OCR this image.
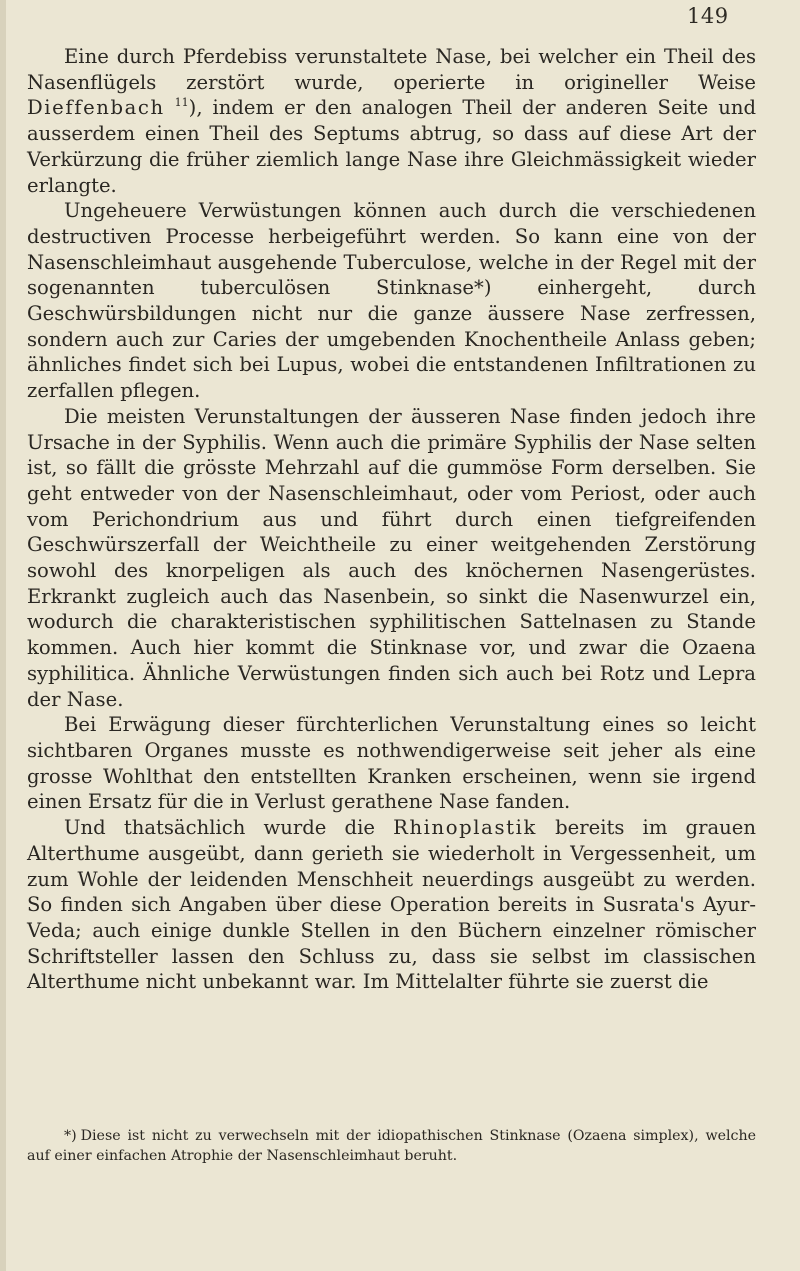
149

Eine durch Pferdebiss verunstaltete Nase, bei welcher ein Theil des Nasenflügels zerstört wurde, operierte in origineller Weise Dieffenbach $^{11}$), indem er den analogen Theil der anderen Seite und ausserdem einen Theil des Septums abtrug, so dass auf diese Art der Verkürzung die früher ziemlich lange Nase ihre Gleichmässigkeit wieder erlangte.

Ungeheuere Verwüstungen können auch durch die verschiedenen destructiven Processe herbeigeführt werden. So kann eine von der Nasenschleimhaut ausgehende Tuberculose, welche in der Regel mit der sogenannten tuberculösen Stinknase*) einhergeht, durch Geschwürsbildungen nicht nur die ganze äussere Nase zerfressen, sondern auch zur Caries der umgebenden Knochentheile Anlass geben; ähnliches findet sich bei Lupus, wobei die entstandenen Infiltrationen zu zerfallen pflegen.

Die meisten Verunstaltungen der äusseren Nase finden jedoch ihre Ursache in der Syphilis. Wenn auch die primäre Syphilis der Nase selten ist, so fällt die grösste Mehrzahl auf die gummöse Form derselben. Sie geht entweder von der Nasenschleimhaut, oder vom Periost, oder auch vom Perichondrium aus und führt durch einen tiefgreifenden Geschwürszerfall der Weichtheile zu einer weitgehenden Zerstörung sowohl des knorpeligen als auch des knöchernen Nasengerüstes. Erkrankt zugleich auch das Nasenbein, so sinkt die Nasenwurzel ein, wodurch die charakteristischen syphilitischen Sattelnasen zu Stande kommen. Auch hier kommt die Stinknase vor, und zwar die Ozaena syphilitica. Ähnliche Verwüstungen finden sich auch bei Rotz und Lepra der Nase.

Bei Erwägung dieser fürchterlichen Verunstaltung eines so leicht sichtbaren Organes musste es nothwendigerweise seit jeher als eine grosse Wohlthat den entstellten Kranken erscheinen, wenn sie irgend einen Ersatz für die in Verlust gerathene Nase fanden.

Und thatsächlich wurde die Rhinoplastik bereits im grauen Alterthume ausgeübt, dann gerieth sie wiederholt in Vergessenheit, um zum Wohle der leidenden Menschheit neuerdings ausgeübt zu werden. So finden sich Angaben über diese Operation bereits in Susrata's Ayur-Veda; auch einige dunkle Stellen in den Büchern einzelner römischer Schriftsteller lassen den Schluss zu, dass sie selbst im classischen Alterthume nicht unbekannt war. Im Mittelalter führte sie zuerst die

*) Diese ist nicht zu verwechseln mit der idiopathischen Stinknase (Ozaena simplex), welche auf einer einfachen Atrophie der Nasenschleimhaut beruht.
